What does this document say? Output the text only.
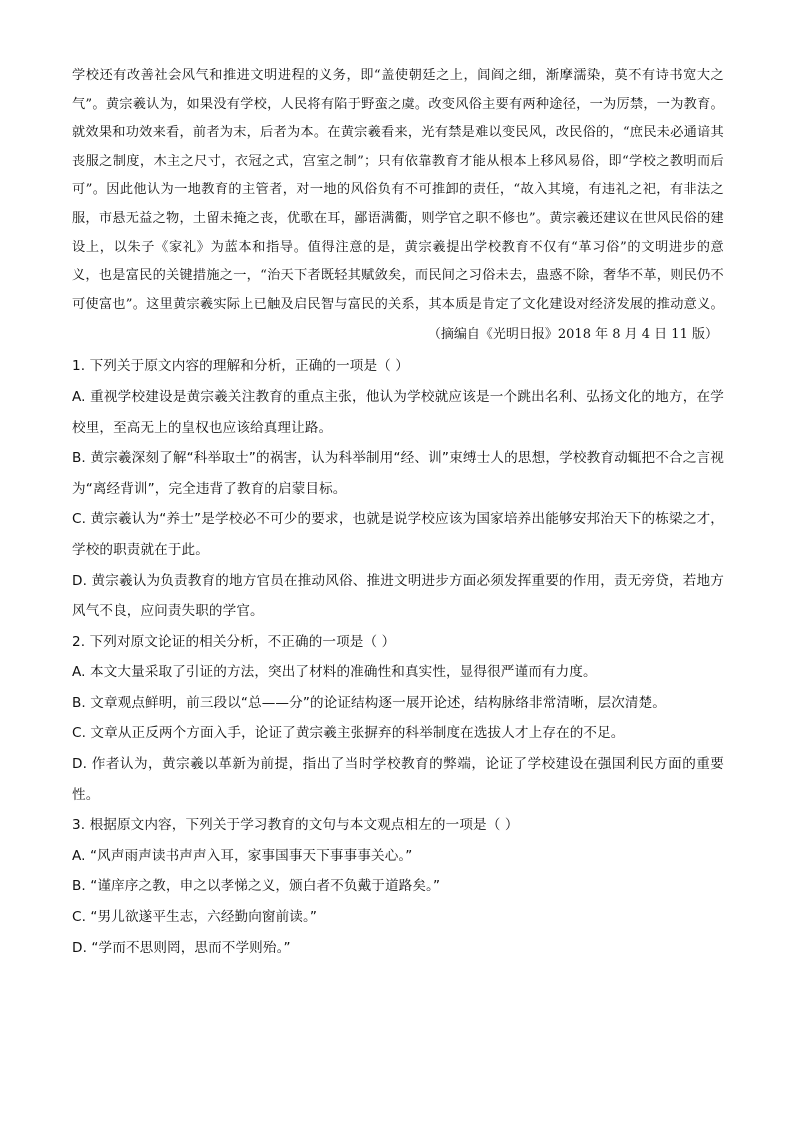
学校还有改善社会风气和推进文明进程的义务，即“盖使朝廷之上，闾阎之细，渐摩濡染，莫不有诗书宽大之气”。黄宗羲认为，如果没有学校，人民将有陷于野蛮之虞。改变风俗主要有两种途径，一为厉禁，一为教育。就效果和功效来看，前者为末，后者为本。在黄宗羲看来，光有禁是难以变民风，改民俗的，“庶民未必通谙其丧服之制度，木主之尺寸，衣冠之式，宫室之制”；只有依靠教育才能从根本上移风易俗，即“学校之教明而后可”。因此他认为一地教育的主管者，对一地的风俗负有不可推卸的责任，“故入其境，有违礼之祀，有非法之服，市悬无益之物，土留未掩之丧，优歌在耳，鄙语满衢，则学官之职不修也”。黄宗羲还建议在世风民俗的建设上，以朱子《家礼》为蓝本和指导。值得注意的是，黄宗羲提出学校教育不仅有“革习俗”的文明进步的意义，也是富民的关键措施之一，“治天下者既轻其赋敛矣，而民间之习俗未去，蛊惑不除，奢华不革，则民仍不可使富也”。这里黄宗羲实际上已触及启民智与富民的关系，其本质是肯定了文化建设对经济发展的推动意义。

（摘编自《光明日报》2018 年 8 月 4 日 11 版）
1. 下列关于原文内容的理解和分析，正确的一项是（ ）
A. 重视学校建设是黄宗羲关注教育的重点主张，他认为学校就应该是一个跳出名利、弘扬文化的地方，在学校里，至高无上的皇权也应该给真理让路。
B. 黄宗羲深刻了解“科举取士”的祸害，认为科举制用“经、训”束缚士人的思想，学校教育动辄把不合之言视为“离经背训”，完全违背了教育的启蒙目标。
C. 黄宗羲认为“养士”是学校必不可少的要求，也就是说学校应该为国家培养出能够安邦治天下的栋梁之才，学校的职责就在于此。
D. 黄宗羲认为负责教育的地方官员在推动风俗、推进文明进步方面必须发挥重要的作用，责无旁贷，若地方风气不良，应问责失职的学官。
2. 下列对原文论证的相关分析，不正确的一项是（ ）
A. 本文大量采取了引证的方法，突出了材料的准确性和真实性，显得很严谨而有力度。
B. 文章观点鲜明，前三段以“总——分”的论证结构逐一展开论述，结构脉络非常清晰，层次清楚。
C. 文章从正反两个方面入手，论证了黄宗羲主张摒弃的科举制度在选拔人才上存在的不足。
D. 作者认为，黄宗羲以革新为前提，指出了当时学校教育的弊端，论证了学校建设在强国利民方面的重要性。
3. 根据原文内容，下列关于学习教育的文句与本文观点相左的一项是（ ）
A. “风声雨声读书声声入耳，家事国事天下事事事关心。”
B. “谨庠序之教，申之以孝悌之义，颁白者不负戴于道路矣。”
C. “男儿欲遂平生志，六经勤向窗前读。”
D. “学而不思则罔，思而不学则殆。”
